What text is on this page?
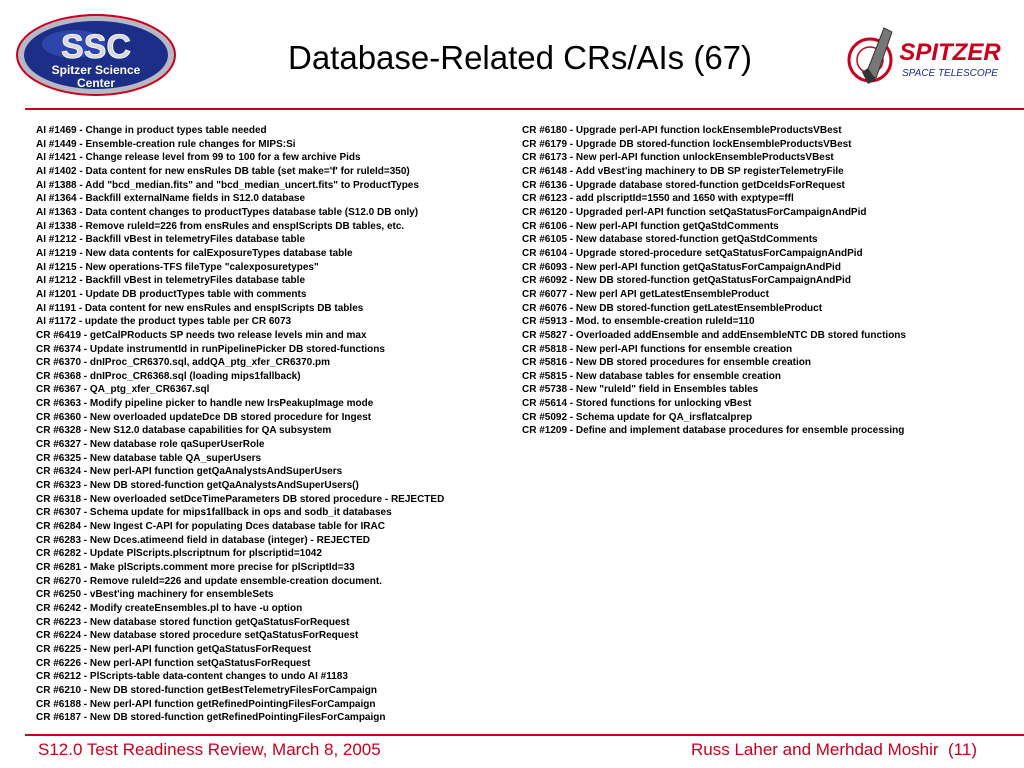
SSC
Spitzer Science
Center
Database-Related CRs/AIs (67)	SPITZER
SPACE TELESCOPE
AI #1469 - Change in product types table needed
AI #1449 - Ensemble-creation rule changes for MIPS:Si
AI #1421 - Change release level from 99 to 100 for a few archive Pids
AI #1402 - Data content for new ensRules DB table (set make='f' for ruleId=350)
AI #1388 - Add "bcd_median.fits" and "bcd_median_uncert.fits" to ProductTypes
AI #1364 - Backfill externalName fields in S12.0 database
AI #1363 - Data content changes to productTypes database table (S12.0 DB only)
AI #1338 - Remove ruleId=226 from ensRules and enspIScripts DB tables, etc.
AI #1212 - Backfill vBest in telemetryFiles database table
AI #1219 - New data contents for calExposureTypes database table
AI #1215 - New operations-TFS fileType "calexposuretypes"
AI #1212 - Backfill vBest in telemetryFiles database table
AI #1201 - Update DB productTypes table with comments
AI #1191 - Data content for new ensRules and enspIScripts DB tables
AI #1172 - update the product types table per CR 6073
CR #6419 - getCalPRoducts SP needs two release levels min and max
CR #6374 - Update instrumentId in runPipelinePicker DB stored-functions
CR #6370 - dnIProc_CR6370.sql, addQA_ptg_xfer_CR6370.pm
CR #6368 - dnIProc_CR6368.sql (loading mips1fallback)
CR #6367 - QA_ptg_xfer_CR6367.sql
CR #6363 - Modify pipeline picker to handle new IrsPeakupImage mode
CR #6360 - New overloaded updateDce DB stored procedure for Ingest
CR #6328 - New S12.0 database capabilities for QA subsystem
CR #6327 - New database role qaSuperUserRole
CR #6325 - New database table QA_superUsers
CR #6324 - New perl-API function getQaAnalystsAndSuperUsers
CR #6323 - New DB stored-function getQaAnalystsAndSuperUsers()
CR #6318 - New overloaded setDceTimeParameters DB stored procedure - REJECTED
CR #6307 - Schema update for mips1fallback in ops and sodb_it databases
CR #6284 - New Ingest C-API for populating Dces database table for IRAC
CR #6283 - New Dces.atimeend field in database (integer) - REJECTED
CR #6282 - Update PlScripts.plscriptnum for plscriptid=1042
CR #6281 - Make plScripts.comment more precise for plScriptId=33
CR #6270 - Remove ruleId=226 and update ensemble-creation document.
CR #6250 - vBest'ing machinery for ensembleSets
CR #6242 - Modify createEnsembles.pl to have -u option
CR #6223 - New database stored function getQaStatusForRequest
CR #6224 - New database stored procedure setQaStatusForRequest
CR #6225 - New perl-API function getQaStatusForRequest
CR #6226 - New perl-API function setQaStatusForRequest
CR #6212 - PlScripts-table data-content changes to undo AI #1183
CR #6210 - New DB stored-function getBestTelemetryFilesForCampaign
CR #6188 - New perl-API function getRefinedPointingFilesForCampaign
CR #6187 - New DB stored-function getRefinedPointingFilesForCampaign
CR #6180 - Upgrade perl-API function lockEnsembleProductsVBest
CR #6179 - Upgrade DB stored-function lockEnsembleProductsVBest
CR #6173 - New perl-API function unlockEnsembleProductsVBest
CR #6148 - Add vBest'ing machinery to DB SP registerTelemetryFile
CR #6136 - Upgrade database stored-function getDceIdsForRequest
CR #6123 - add plscriptId=1550 and 1650 with exptype=ffl
CR #6120 - Upgraded perl-API function setQaStatusForCampaignAndPid
CR #6106 - New perl-API function getQaStdComments
CR #6105 - New database stored-function getQaStdComments
CR #6104 - Upgrade stored-procedure setQaStatusForCampaignAndPid
CR #6093 - New perl-API function getQaStatusForCampaignAndPid
CR #6092 - New DB stored-function getQaStatusForCampaignAndPid
CR #6077 - New perl API getLatestEnsembleProduct
CR #6076 - New DB stored-function getLatestEnsembleProduct
CR #5913 - Mod. to ensemble-creation ruleId=110
CR #5827 - Overloaded addEnsemble and addEnsembleNTC DB stored functions
CR #5818 - New perl-API functions for ensemble creation
CR #5816 - New DB stored procedures for ensemble creation
CR #5815 - New database tables for ensemble creation
CR #5738 - New "ruleId" field in Ensembles tables
CR #5614 - Stored functions for unlocking vBest
CR #5092 - Schema update for QA_irsflatcalprep
CR #1209 - Define and implement database procedures for ensemble processing
S12.0 Test Readiness Review, March 8, 2005	Russ Laher and Merhdad Moshir  (11)
